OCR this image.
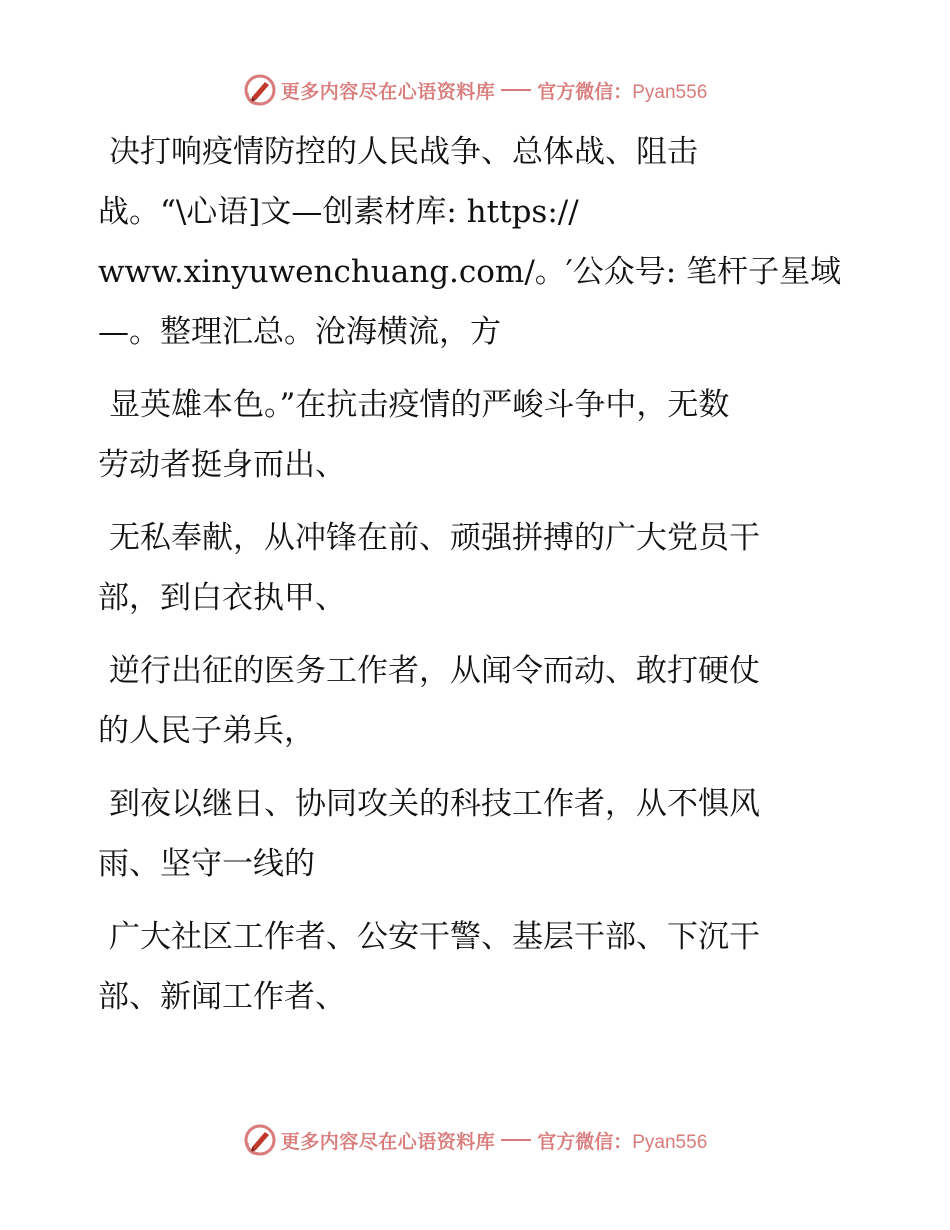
更多内容尽在心语资料库 官方微信：Pyan556

决打响疫情防控的人民战争、总体战、阻击
战。“\心语]文—创素材库: https://
www.xinyuwenchuang.com/。′公众号: 笔杆子星域
—。整理汇总。沧海横流，方

显英雄本色。”在抗击疫情的严峻斗争中，无数
劳动者挺身而出、

无私奉献，从冲锋在前、顽强拼搏的广大党员干
部，到白衣执甲、

逆行出征的医务工作者，从闻令而动、敢打硬仗
的人民子弟兵，

到夜以继日、协同攻关的科技工作者，从不惧风
雨、坚守一线的

广大社区工作者、公安干警、基层干部、下沉干
部、新闻工作者、

更多内容尽在心语资料库 官方微信：Pyan556
